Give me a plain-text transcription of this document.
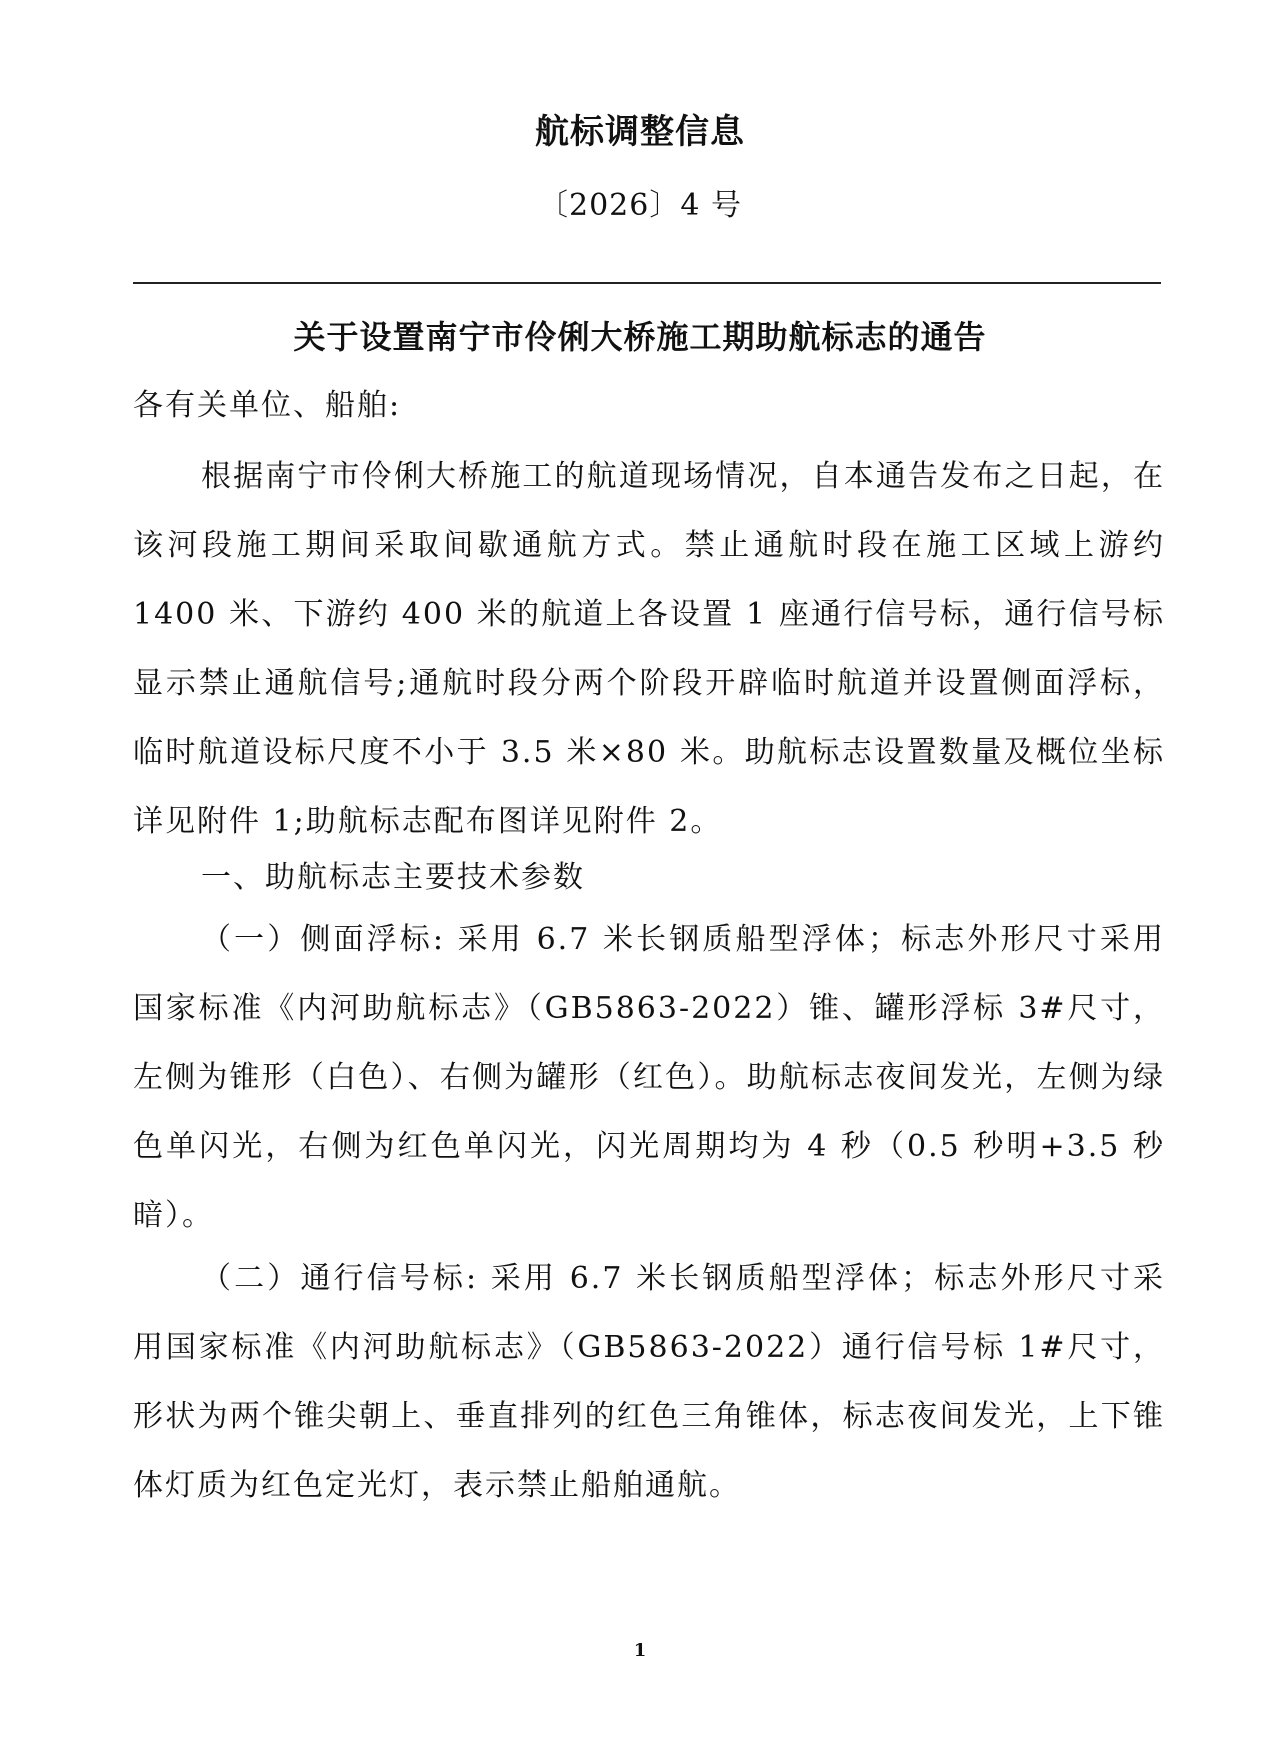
航标调整信息
〔2026〕4 号
关于设置南宁市伶俐大桥施工期助航标志的通告
各有关单位、船舶:

根据南宁市伶俐大桥施工的航道现场情况，自本通告发布之日起，在该河段施工期间采取间歇通航方式。禁止通航时段在施工区域上游约 1400 米、下游约 400 米的航道上各设置 1 座通行信号标，通行信号标显示禁止通航信号;通航时段分两个阶段开辟临时航道并设置侧面浮标，临时航道设标尺度不小于 3.5 米×80 米。助航标志设置数量及概位坐标详见附件 1;助航标志配布图详见附件 2。

一、助航标志主要技术参数

（一）侧面浮标: 采用 6.7 米长钢质船型浮体；标志外形尺寸采用国家标准《内河助航标志》（GB5863-2022）锥、罐形浮标 3#尺寸，左侧为锥形（白色）、右侧为罐形（红色）。助航标志夜间发光，左侧为绿色单闪光，右侧为红色单闪光，闪光周期均为 4 秒（0.5 秒明+3.5 秒暗）。

（二）通行信号标: 采用 6.7 米长钢质船型浮体；标志外形尺寸采用国家标准《内河助航标志》（GB5863-2022）通行信号标 1#尺寸，形状为两个锥尖朝上、垂直排列的红色三角锥体，标志夜间发光，上下锥体灯质为红色定光灯，表示禁止船舶通航。

1
